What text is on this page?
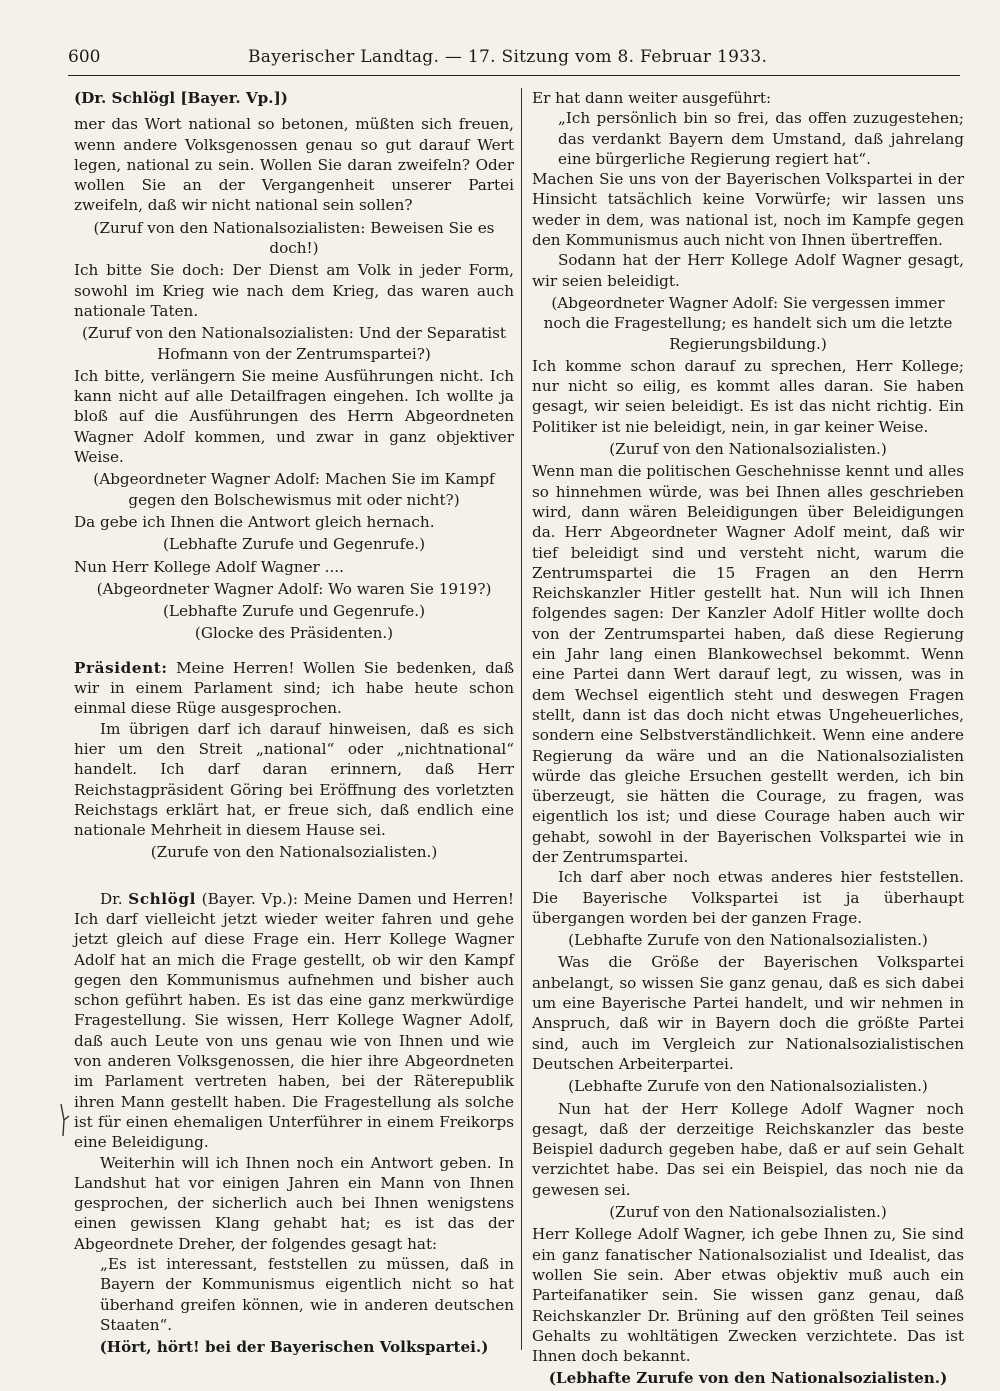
600	Bayerischer Landtag. — 17. Sitzung vom 8. Februar 1933.

(Dr. Schlögl [Bayer. Vp.])

mer das Wort national so betonen, müßten sich freuen, wenn andere Volksgenossen genau so gut darauf Wert legen, national zu sein. Wollen Sie daran zweifeln? Oder wollen Sie an der Vergangenheit unserer Partei zweifeln, daß wir nicht national sein sollen?

(Zuruf von den Nationalsozialisten: Beweisen Sie es doch!)

Ich bitte Sie doch: Der Dienst am Volk in jeder Form, sowohl im Krieg wie nach dem Krieg, das waren auch nationale Taten.

(Zuruf von den Nationalsozialisten: Und der Separatist Hofmann von der Zentrumspartei?)

Ich bitte, verlängern Sie meine Ausführungen nicht. Ich kann nicht auf alle Detailfragen eingehen. Ich wollte ja bloß auf die Ausführungen des Herrn Abgeordneten Wagner Adolf kommen, und zwar in ganz objektiver Weise.

(Abgeordneter Wagner Adolf: Machen Sie im Kampf gegen den Bolschewismus mit oder nicht?)

Da gebe ich Ihnen die Antwort gleich hernach.

(Lebhafte Zurufe und Gegenrufe.)

Nun Herr Kollege Adolf Wagner ....

(Abgeordneter Wagner Adolf: Wo waren Sie 1919?)

(Lebhafte Zurufe und Gegenrufe.)

(Glocke des Präsidenten.)

Präsident: Meine Herren! Wollen Sie bedenken, daß wir in einem Parlament sind; ich habe heute schon einmal diese Rüge ausgesprochen.

Im übrigen darf ich darauf hinweisen, daß es sich hier um den Streit „national“ oder „nichtnational“ handelt. Ich darf daran erinnern, daß Herr Reichstagpräsident Göring bei Eröffnung des vorletzten Reichstags erklärt hat, er freue sich, daß endlich eine nationale Mehrheit in diesem Hause sei.

(Zurufe von den Nationalsozialisten.)

Dr. Schlögl (Bayer. Vp.): Meine Damen und Herren! Ich darf vielleicht jetzt wieder weiter fahren und gehe jetzt gleich auf diese Frage ein. Herr Kollege Wagner Adolf hat an mich die Frage gestellt, ob wir den Kampf gegen den Kommunismus aufnehmen und bisher auch schon geführt haben. Es ist das eine ganz merkwürdige Fragestellung. Sie wissen, Herr Kollege Wagner Adolf, daß auch Leute von uns genau wie von Ihnen und wie von anderen Volksgenossen, die hier ihre Abgeordneten im Parlament vertreten haben, bei der Räterepublik ihren Mann gestellt haben. Die Fragestellung als solche ist für einen ehemaligen Unterführer in einem Freikorps eine Beleidigung.

Weiterhin will ich Ihnen noch ein Antwort geben. In Landshut hat vor einigen Jahren ein Mann von Ihnen gesprochen, der sicherlich auch bei Ihnen wenigstens einen gewissen Klang gehabt hat; es ist das der Abgeordnete Dreher, der folgendes gesagt hat:

„Es ist interessant, feststellen zu müssen, daß in Bayern der Kommunismus eigentlich nicht so hat überhand greifen können, wie in anderen deutschen Staaten“.

(Hört, hört! bei der Bayerischen Volkspartei.)

Er hat dann weiter ausgeführt:

„Ich persönlich bin so frei, das offen zuzugestehen; das verdankt Bayern dem Umstand, daß jahrelang eine bürgerliche Regierung regiert hat“.

Machen Sie uns von der Bayerischen Volkspartei in der Hinsicht tatsächlich keine Vorwürfe; wir lassen uns weder in dem, was national ist, noch im Kampfe gegen den Kommunismus auch nicht von Ihnen übertreffen.

Sodann hat der Herr Kollege Adolf Wagner gesagt, wir seien beleidigt.

(Abgeordneter Wagner Adolf: Sie vergessen immer noch die Fragestellung; es handelt sich um die letzte Regierungsbildung.)

Ich komme schon darauf zu sprechen, Herr Kollege; nur nicht so eilig, es kommt alles daran. Sie haben gesagt, wir seien beleidigt. Es ist das nicht richtig. Ein Politiker ist nie beleidigt, nein, in gar keiner Weise.

(Zuruf von den Nationalsozialisten.)

Wenn man die politischen Geschehnisse kennt und alles so hinnehmen würde, was bei Ihnen alles geschrieben wird, dann wären Beleidigungen über Beleidigungen da. Herr Abgeordneter Wagner Adolf meint, daß wir tief beleidigt sind und versteht nicht, warum die Zentrumspartei die 15 Fragen an den Herrn Reichskanzler Hitler gestellt hat. Nun will ich Ihnen folgendes sagen: Der Kanzler Adolf Hitler wollte doch von der Zentrumspartei haben, daß diese Regierung ein Jahr lang einen Blankowechsel bekommt. Wenn eine Partei dann Wert darauf legt, zu wissen, was in dem Wechsel eigentlich steht und deswegen Fragen stellt, dann ist das doch nicht etwas Ungeheuerliches, sondern eine Selbstverständlichkeit. Wenn eine andere Regierung da wäre und an die Nationalsozialisten würde das gleiche Ersuchen gestellt werden, ich bin überzeugt, sie hätten die Courage, zu fragen, was eigentlich los ist; und diese Courage haben auch wir gehabt, sowohl in der Bayerischen Volkspartei wie in der Zentrumspartei.

Ich darf aber noch etwas anderes hier feststellen. Die Bayerische Volkspartei ist ja überhaupt übergangen worden bei der ganzen Frage.

(Lebhafte Zurufe von den Nationalsozialisten.)

Was die Größe der Bayerischen Volkspartei anbelangt, so wissen Sie ganz genau, daß es sich dabei um eine Bayerische Partei handelt, und wir nehmen in Anspruch, daß wir in Bayern doch die größte Partei sind, auch im Vergleich zur Nationalsozialistischen Deutschen Arbeiterpartei.

(Lebhafte Zurufe von den Nationalsozialisten.)

Nun hat der Herr Kollege Adolf Wagner noch gesagt, daß der derzeitige Reichskanzler das beste Beispiel dadurch gegeben habe, daß er auf sein Gehalt verzichtet habe. Das sei ein Beispiel, das noch nie da gewesen sei.

(Zuruf von den Nationalsozialisten.)

Herr Kollege Adolf Wagner, ich gebe Ihnen zu, Sie sind ein ganz fanatischer Nationalsozialist und Idealist, das wollen Sie sein. Aber etwas objektiv muß auch ein Parteifanatiker sein. Sie wissen ganz genau, daß Reichskanzler Dr. Brüning auf den größten Teil seines Gehalts zu wohltätigen Zwecken verzichtete. Das ist Ihnen doch bekannt.

(Lebhafte Zurufe von den Nationalsozialisten.)
